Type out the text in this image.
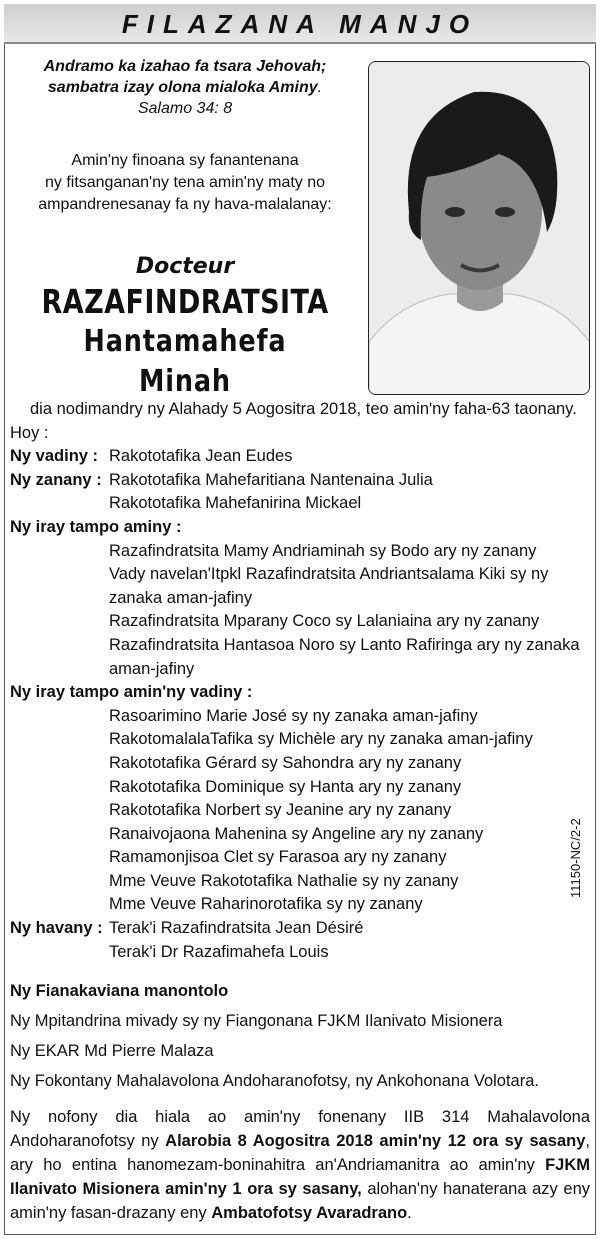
FILAZANA MANJO
Andramo ka izahao fa tsara Jehovah;
sambatra izay olona mialoka Aminy.
Salamo 34: 8
Amin'ny finoana sy fanantenana
ny fitsanganan'ny tena amin'ny maty no
ampandrenesanay fa ny hava-malalanay:
Docteur
RAZAFINDRATSITA
Hantamahefa Minah
dia nodimandry ny Alahady 5 Aogositra 2018, teo amin'ny faha-63 taonany.
Hoy :
Ny vadiny : Rakototafika Jean Eudes
Ny zanany : Rakototafika Mahefaritiana Nantenaina Julia
Rakototafika Mahefanirina Mickael
Ny iray tampo aminy :
Razafindratsita Mamy Andriaminah sy Bodo ary ny zanany
Vady navelan'Itpkl Razafindratsita Andriantsalama Kiki sy ny zanaka aman-jafiny
Razafindratsita Mparany Coco sy Lalaniaina ary ny zanany
Razafindratsita Hantasoa Noro sy Lanto Rafiringa ary ny zanaka aman-jafiny
Ny iray tampo amin'ny vadiny :
Rasoarimino Marie José sy ny zanaka aman-jafiny
RakotomalalaTafika sy Michèle ary ny zanaka aman-jafiny
Rakototafika Gérard sy Sahondra ary ny zanany
Rakototafika Dominique sy Hanta ary ny zanany
Rakototafika Norbert sy Jeanine ary ny zanany
Ranaivojaona Mahenina sy Angeline ary ny zanany
Ramamonjisoa Clet sy Farasoa ary ny zanany
Mme Veuve Rakototafika Nathalie sy ny zanany
Mme Veuve Raharinorotafika sy ny zanany
Ny havany : Terak'i Razafindratsita Jean Désiré
Terak'i Dr Razafimahefa Louis
Ny Fianakaviana manontolo
Ny Mpitandrina mivady sy ny Fiangonana FJKM Ilanivato Misionera
Ny EKAR Md Pierre Malaza
Ny Fokontany Mahalavolona Andoharanofotsy, ny Ankohonana Volotara.
11150-NC/2-2
Ny nofony dia hiala ao amin'ny fonenany IIB 314 Mahalavolona Andoharanofotsy ny Alarobia 8 Aogositra 2018 amin'ny 12 ora sy sasany, ary ho entina hanomezam-boninahitra an'Andriamanitra ao amin'ny FJKM Ilanivato Misionera amin'ny 1 ora sy sasany, alohan'ny hanaterana azy eny amin'ny fasan-drazany eny Ambatofotsy Avaradrano.
